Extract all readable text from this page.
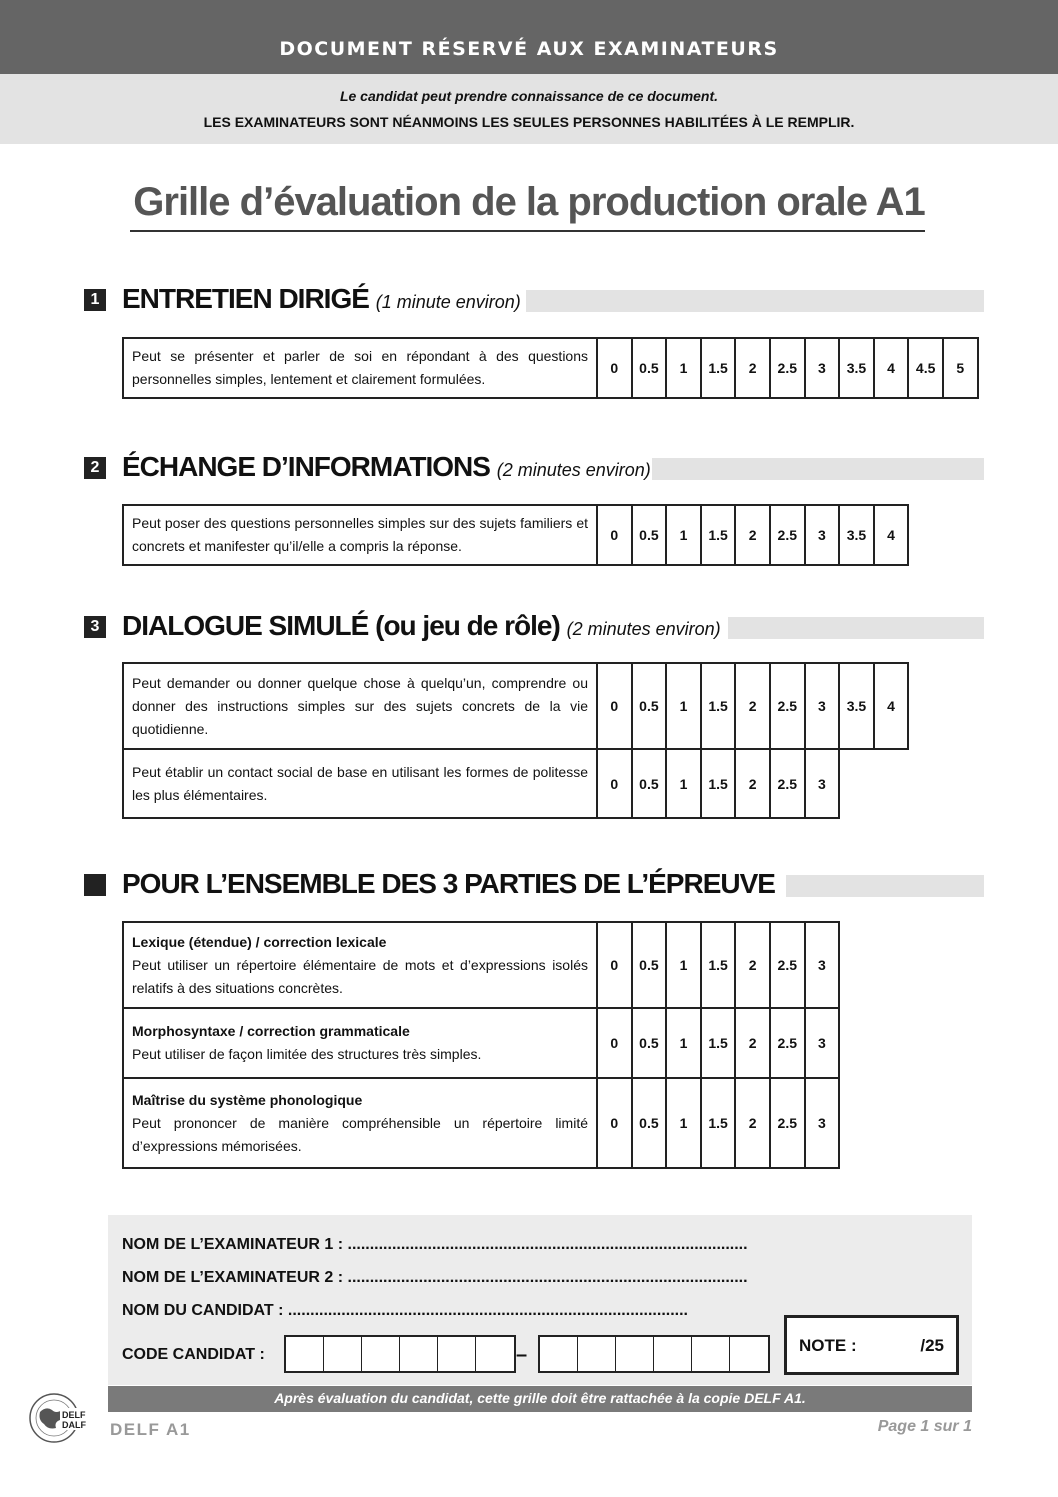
DOCUMENT RÉSERVÉ AUX EXAMINATEURS
Le candidat peut prendre connaissance de ce document.
LES EXAMINATEURS SONT NÉANMOINS LES SEULES PERSONNES HABILITÉES À LE REMPLIR.
Grille d’évaluation de la production orale A1
1 ENTRETIEN DIRIGÉ (1 minute environ)
Peut se présenter et parler de soi en répondant à des questions personnelles simples, lentement et clairement formulées.	0	0.5	1	1.5	2	2.5	3	3.5	4	4.5	5
2 ÉCHANGE D’INFORMATIONS (2 minutes environ)
Peut poser des questions personnelles simples sur des sujets familiers et concrets et manifester qu’il/elle a compris la réponse.	0	0.5	1	1.5	2	2.5	3	3.5	4
3 DIALOGUE SIMULÉ (ou jeu de rôle) (2 minutes environ)
Peut demander ou donner quelque chose à quelqu’un, comprendre ou donner des instructions simples sur des sujets concrets de la vie quotidienne.	0	0.5	1	1.5	2	2.5	3	3.5	4
Peut établir un contact social de base en utilisant les formes de politesse les plus élémentaires.	0	0.5	1	1.5	2	2.5	3		
POUR L’ENSEMBLE DES 3 PARTIES DE L’ÉPREUVE
Lexique (étendue) / correction lexicale
Peut utiliser un répertoire élémentaire de mots et d’expressions isolés relatifs à des situations concrètes.	0	0.5	1	1.5	2	2.5	3

Morphosyntaxe / correction grammaticale
Peut utiliser de façon limitée des structures très simples.	0	0.5	1	1.5	2	2.5	3

Maîtrise du système phonologique
Peut prononcer de manière compréhensible un répertoire limité d’expressions mémorisées.	0	0.5	1	1.5	2	2.5	3
NOM DE L’EXAMINATEUR 1 : ..........................................................................................
NOM DE L’EXAMINATEUR 2 : ..........................................................................................
NOM DU CANDIDAT : ..........................................................................................
CODE CANDIDAT :	–	NOTE :	/25
Après évaluation du candidat, cette grille doit être rattachée à la copie DELF A1.
DELF
DALF DELF A1	Page 1 sur 1
